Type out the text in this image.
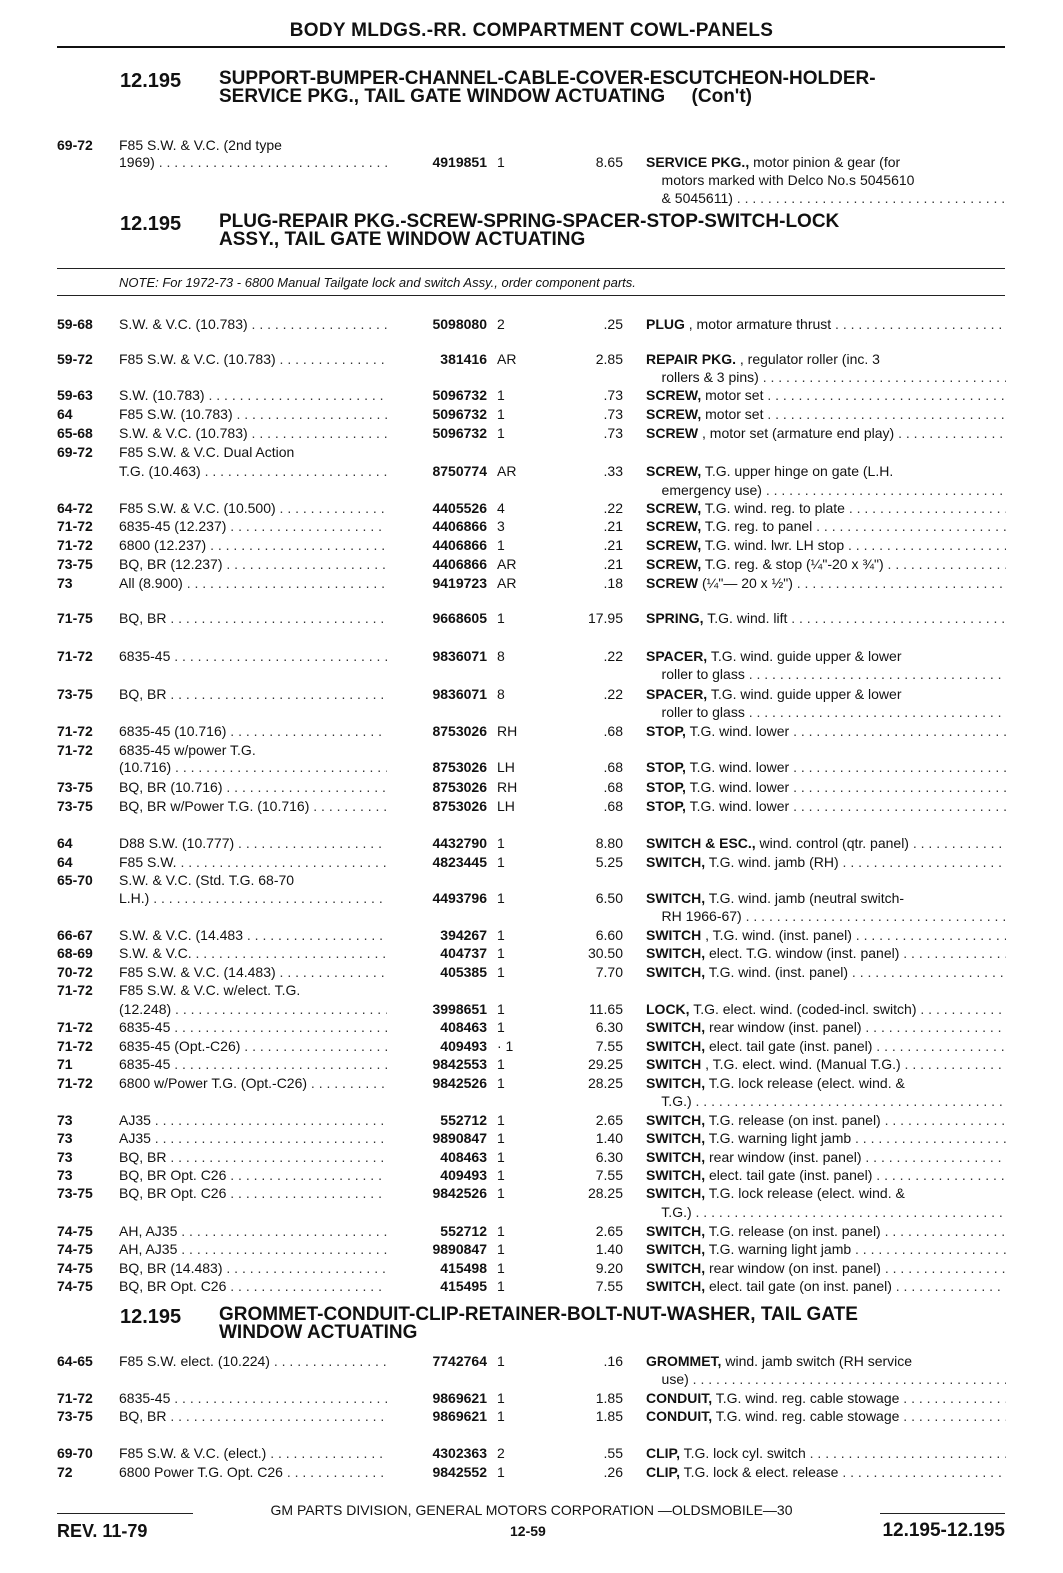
BODY MLDGS.-RR. COMPARTMENT COWL-PANELS
12.195 SUPPORT-BUMPER-CHANNEL-CABLE-COVER-ESCUTCHEON-HOLDER-
SERVICE PKG., TAIL GATE WINDOW ACTUATING     (Con't)
69-72	F85 S.W. & V.C. (2nd type
1969) . . .	4919851 1	8.65 SERVICE PKG., motor pinion & gear (for
motors marked with Delco No.s 5045610
& 5045611) . . .
12.195 PLUG-REPAIR PKG.-SCREW-SPRING-SPACER-STOP-SWITCH-LOCK
ASSY., TAIL GATE WINDOW ACTUATING
NOTE: For 1972-73 - 6800 Manual Tailgate lock and switch Assy., order component parts.
59-68	S.W. & V.C. (10.783) . . .	5098080 2	.25 PLUG , motor armature thrust . . .
59-72	F85 S.W. & V.C. (10.783) . . .	381416 AR	2.85 REPAIR PKG. , regulator roller (inc. 3
rollers & 3 pins) . . .
59-63	S.W. (10.783) . . .	5096732 1	.73 SCREW, motor set . . .
64	F85 S.W. (10.783) . . .	5096732 1	.73 SCREW, motor set . . .
65-68	S.W. & V.C. (10.783) . . .	5096732 1	.73 SCREW , motor set (armature end play) . . .
69-72	F85 S.W. & V.C. Dual Action
T.G. (10.463) . . .	8750774 AR	.33 SCREW, T.G. upper hinge on gate (L.H.
emergency use) . . .
64-72	F85 S.W. & V.C. (10.500) . . .	4405526 4	.22 SCREW, T.G. wind. reg. to plate . . .
71-72	6835-45 (12.237) . . .	4406866 3	.21 SCREW, T.G. reg. to panel . . .
71-72	6800 (12.237) . . .	4406866 1	.21 SCREW, T.G. wind. lwr. LH stop . . .
73-75	BQ, BR (12.237) . . .	4406866 AR	.21 SCREW, T.G. reg. & stop (¼"-20 x ¾") . . .
73	All (8.900) . . .	9419723 AR	.18 SCREW (¼"— 20 x ½") . . .
71-75	BQ, BR . . .	9668605 1	17.95 SPRING, T.G. wind. lift . . .
71-72	6835-45 . . .	9836071 8	.22 SPACER, T.G. wind. guide upper & lower
roller to glass . . .
73-75	BQ, BR . . .	9836071 8	.22 SPACER, T.G. wind. guide upper & lower
roller to glass . . .
71-72	6835-45 (10.716) . . .	8753026 RH	.68 STOP, T.G. wind. lower . . .
71-72	6835-45 w/power T.G.
(10.716) . . .	8753026 LH	.68 STOP, T.G. wind. lower . . .
73-75	BQ, BR (10.716) . . .	8753026 RH	.68 STOP, T.G. wind. lower . . .
73-75	BQ, BR w/Power T.G. (10.716) . . .	8753026 LH	.68 STOP, T.G. wind. lower . . .
64	D88 S.W. (10.777) . . .	4432790 1	8.80 SWITCH & ESC., wind. control (qtr. panel) . . .
64	F85 S.W. . . .	4823445 1	5.25 SWITCH, T.G. wind. jamb (RH) . . .
65-70	S.W. & V.C. (Std. T.G. 68-70
L.H.) . . .	4493796 1	6.50 SWITCH, T.G. wind. jamb (neutral switch-
RH 1966-67) . . .
66-67	S.W. & V.C. (14.483 . . .	394267 1	6.60 SWITCH , T.G. wind. (inst. panel) . . .
68-69	S.W. & V.C. . . .	404737 1	30.50 SWITCH, elect. T.G. window (inst. panel) . . .
70-72	F85 S.W. & V.C. (14.483) . . .	405385 1	7.70 SWITCH, T.G. wind. (inst. panel) . . .
71-72	F85 S.W. & V.C. w/elect. T.G.
(12.248) . . .	3998651 1	11.65 LOCK, T.G. elect. wind. (coded-incl. switch) . . .
71-72	6835-45 . . .	408463 1	6.30 SWITCH, rear window (inst. panel) . . .
71-72	6835-45 (Opt.-C26) . . .	409493 · 1	7.55 SWITCH, elect. tail gate (inst. panel) . . .
71	6835-45 . . .	9842553 1	29.25 SWITCH , T.G. elect. wind. (Manual T.G.) . . .
71-72	6800 w/Power T.G. (Opt.-C26) . . .	9842526 1	28.25 SWITCH, T.G. lock release (elect. wind. &
T.G.) . . .
73	AJ35 . . .	552712 1	2.65 SWITCH, T.G. release (on inst. panel) . . .
73	AJ35 . . .	9890847 1	1.40 SWITCH, T.G. warning light jamb . . .
73	BQ, BR . . .	408463 1	6.30 SWITCH, rear window (inst. panel) . . .
73	BQ, BR Opt. C26 . . .	409493 1	7.55 SWITCH, elect. tail gate (inst. panel) . . .
73-75	BQ, BR Opt. C26 . . .	9842526 1	28.25 SWITCH, T.G. lock release (elect. wind. &
T.G.) . . .
74-75	AH, AJ35 . . .	552712 1	2.65 SWITCH, T.G. release (on inst. panel) . . .
74-75	AH, AJ35 . . .	9890847 1	1.40 SWITCH, T.G. warning light jamb . . .
74-75	BQ, BR (14.483) . . .	415498 1	9.20 SWITCH, rear window (on inst. panel) . . .
74-75	BQ, BR Opt. C26 . . .	415495 1	7.55 SWITCH, elect. tail gate (on inst. panel) . . .
12.195 GROMMET-CONDUIT-CLIP-RETAINER-BOLT-NUT-WASHER, TAIL GATE
WINDOW ACTUATING
64-65	F85 S.W. elect. (10.224) . . .	7742764 1	.16 GROMMET, wind. jamb switch (RH service
use) . . .
71-72	6835-45 . . .	9869621 1	1.85 CONDUIT, T.G. wind. reg. cable stowage . . .
73-75	BQ, BR . . .	9869621 1	1.85 CONDUIT, T.G. wind. reg. cable stowage . . .
69-70	F85 S.W. & V.C. (elect.) . . .	4302363 2	.55 CLIP, T.G. lock cyl. switch . . .
72	6800 Power T.G. Opt. C26 . . .	9842552 1	.26 CLIP, T.G. lock & elect. release . . .
GM PARTS DIVISION, GENERAL MOTORS CORPORATION —OLDSMOBILE—30
REV. 11-79	12-59	12.195-12.195
